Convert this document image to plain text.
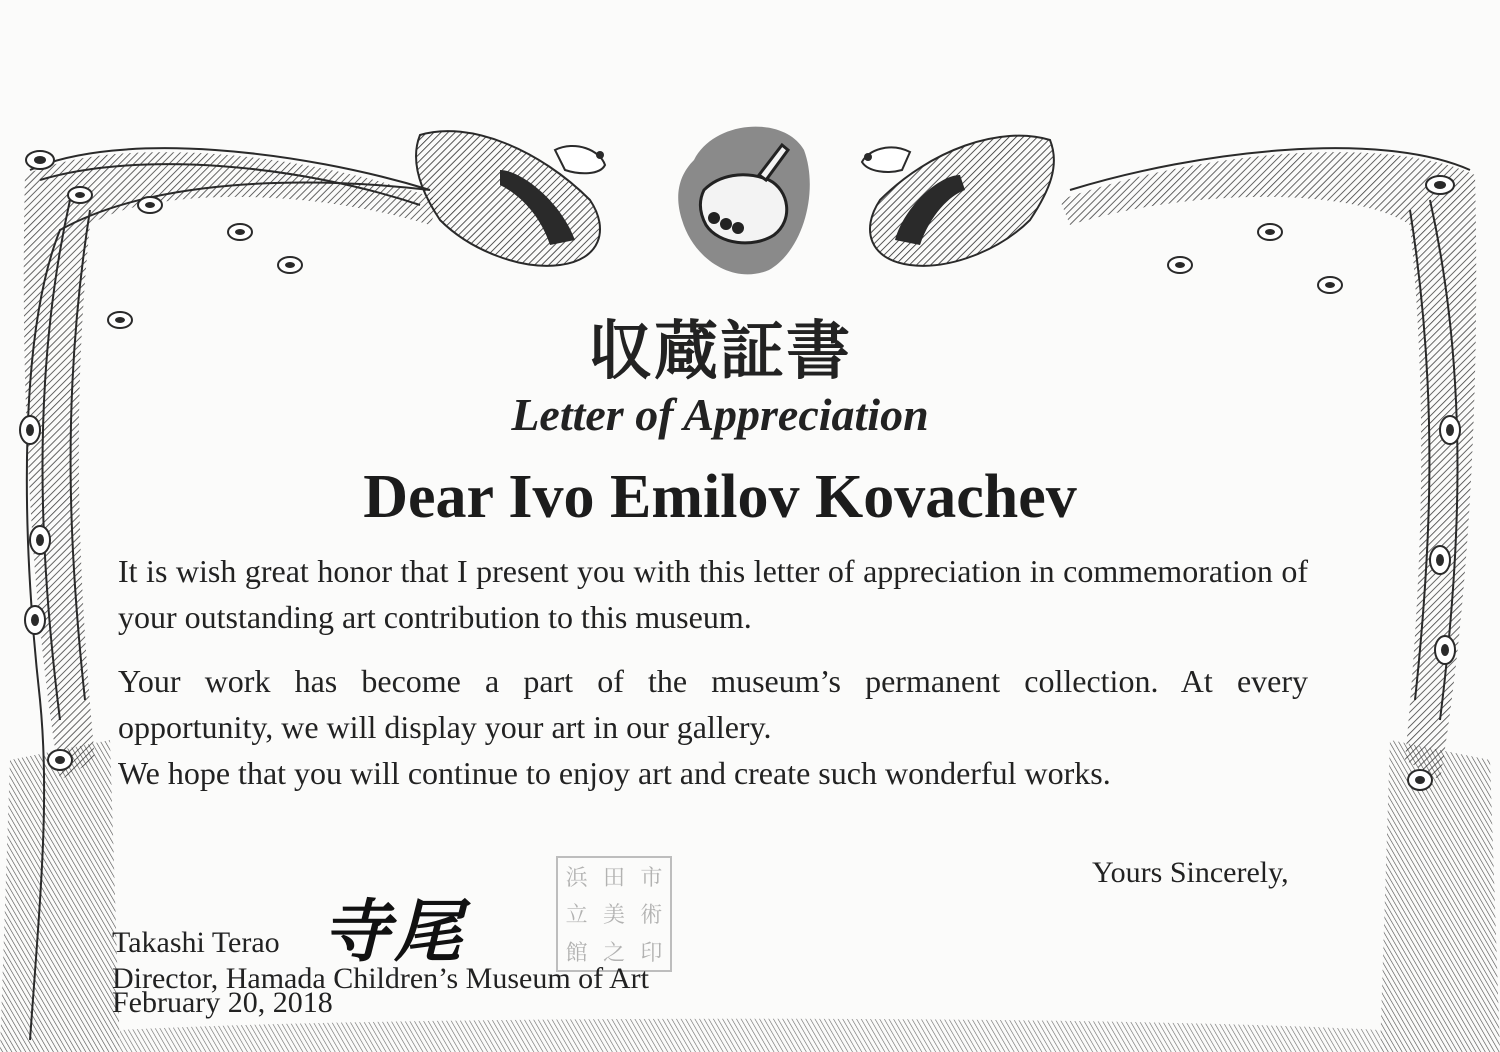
収蔵証書
Letter of Appreciation
Dear Ivo Emilov Kovachev
It is wish great honor that I present you with this letter of appreciation in commemoration of your outstanding art contribution to this museum.
Your work has become a part of the museum’s permanent collection. At every
opportunity, we will display your art in our gallery.
We hope that you will continue to enjoy art and create such wonderful works.
Yours Sincerely,
浜 田 市
立 美 術
館 之 印
寺尾
Takashi Terao
Director, Hamada Children’s Museum of Art
February 20, 2018
